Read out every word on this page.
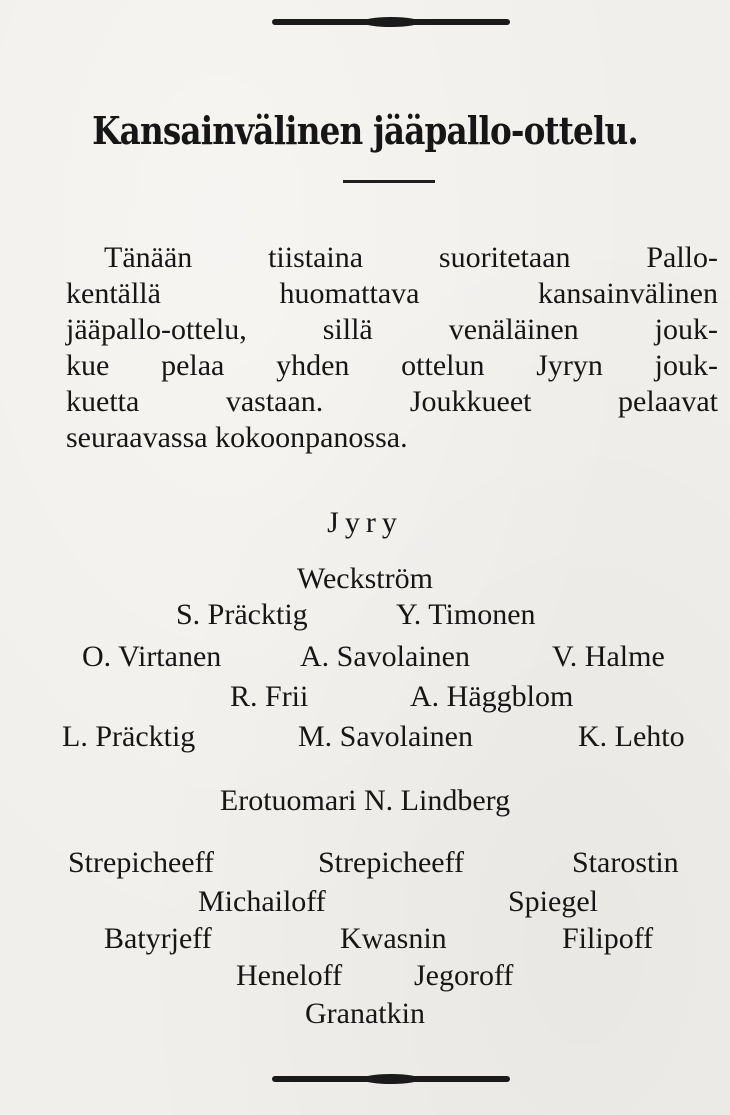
Kansainvälinen jääpallo-ottelu.
Tänään tiistaina suoritetaan Pallo-
kentällä huomattava kansainvälinen
jääpallo-ottelu, sillä venäläinen jouk-
kue pelaa yhden ottelun Jyryn jouk-
kuetta vastaan. Joukkueet pelaavat
seuraavassa kokoonpanossa.
Jyry
Weckström
S. Präcktig	Y. Timonen
O. Virtanen	A. Savolainen	V. Halme
R. Frii	A. Häggblom
L. Präcktig	M. Savolainen	K. Lehto
Erotuomari N. Lindberg
Strepicheeff	Strepicheeff	Starostin
Michailoff	Spiegel
Batyrjeff	Kwasnin	Filipoff
Heneloff Jegoroff
Granatkin
